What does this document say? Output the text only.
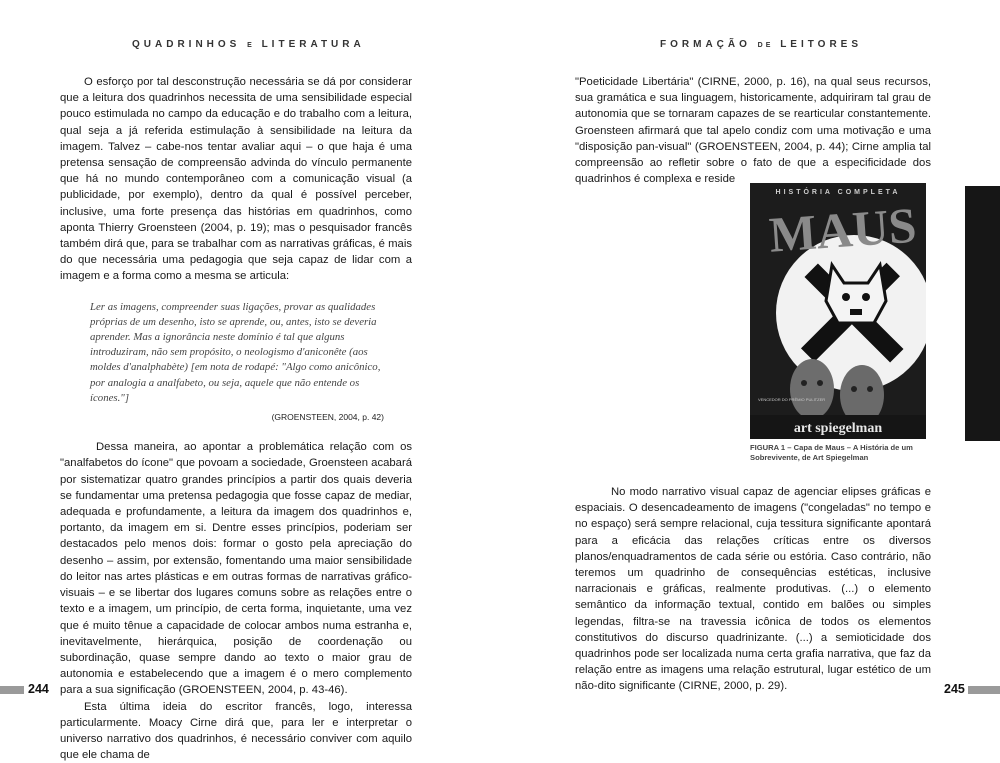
QUADRINHOS E LITERATURA	FORMAÇÃO DE LEITORES

O esforço por tal desconstrução necessária se dá por considerar que a leitura dos quadrinhos necessita de uma sensibilidade especial pouco estimulada no campo da educação e do trabalho com a leitura, qual seja a já referida estimulação à sensibilidade na leitura da imagem. Talvez – cabe-nos tentar avaliar aqui – o que haja é uma pretensa sensação de compreensão advinda do vínculo permanente que há no mundo contemporâneo com a comunicação visual (a publicidade, por exemplo), dentro da qual é possível perceber, inclusive, uma forte presença das histórias em quadrinhos, como aponta Thierry Groensteen (2004, p. 19); mas o pesquisador francês também dirá que, para se trabalhar com as narrativas gráficas, é mais do que necessária uma pedagogia que seja capaz de lidar com a imagem e a forma como a mesma se articula:

Ler as imagens, compreender suas ligações, provar as qualidades próprias de um desenho, isto se aprende, ou, antes, isto se deveria aprender. Mas a ignorância neste domínio é tal que alguns introduziram, não sem propósito, o neologismo d'aniconête (aos moldes d'analphabète) [em nota de rodapé: "Algo como anicônico, por analogia a analfabeto, ou seja, aquele que não entende os ícones."]
(GROENSTEEN, 2004, p. 42)

Dessa maneira, ao apontar a problemática relação com os "analfabetos do ícone" que povoam a sociedade, Groensteen acabará por sistematizar quatro grandes princípios a partir dos quais deveria se fundamentar uma pretensa pedagogia que fosse capaz de mediar, adequada e profundamente, a leitura da imagem dos quadrinhos e, portanto, da imagem em si. Dentre esses princípios, poderiam ser destacados pelo menos dois: formar o gosto pela apreciação do desenho – assim, por extensão, fomentando uma maior sensibilidade do leitor nas artes plásticas e em outras formas de narrativas gráfico-visuais – e se libertar dos lugares comuns sobre as relações entre o texto e a imagem, um princípio, de certa forma, inquietante, uma vez que é muito tênue a capacidade de colocar ambos numa estranha e, inevitavelmente, hierárquica, posição de coordenação ou subordinação, quase sempre dando ao texto o maior grau de autonomia e estabelecendo que a imagem é o mero complemento para a sua significação (GROENSTEEN, 2004, p. 43-46).

Esta última ideia do escritor francês, logo, interessa particularmente. Moacy Cirne dirá que, para ler e interpretar o universo narrativo dos quadrinhos, é necessário conviver com aquilo que ele chama de

"Poeticidade Libertária" (CIRNE, 2000, p. 16), na qual seus recursos, sua gramática e sua linguagem, historicamente, adquiriram tal grau de autonomia que se tornaram capazes de se rearticular constantemente. Groensteen afirmará que tal apelo condiz com uma motivação e uma "disposição pan-visual" (GROENSTEEN, 2004, p. 44); Cirne amplia tal compreensão ao refletir sobre o fato de que a especificidade dos quadrinhos é complexa e reside

HISTÓRIA COMPLETA
MAUS
VENCEDOR DO PRÊMIO PULITZER
art spiegelman
FIGURA 1 – Capa de Maus – A História de um Sobrevivente, de Art Spiegelman

No modo narrativo visual capaz de agenciar elipses gráficas e espaciais. O desencadeamento de imagens ("congeladas" no tempo e no espaço) será sempre relacional, cuja tessitura significante apontará para a eficácia das relações críticas entre os diversos planos/enquadramentos de cada série ou estória. Caso contrário, não teremos um quadrinho de consequências estéticas, inclusive narracionais e gráficas, realmente produtivas. (...) o elemento semântico da informação textual, contido em balões ou simples legendas, filtra-se na travessia icônica de todos os elementos constitutivos do discurso quadrinizante. (...) a semioticidade dos quadrinhos pode ser localizada numa certa grafia narrativa, que faz da relação entre as imagens uma relação estrutural, lugar estético de um não-dito significante (CIRNE, 2000, p. 29).

244	245
